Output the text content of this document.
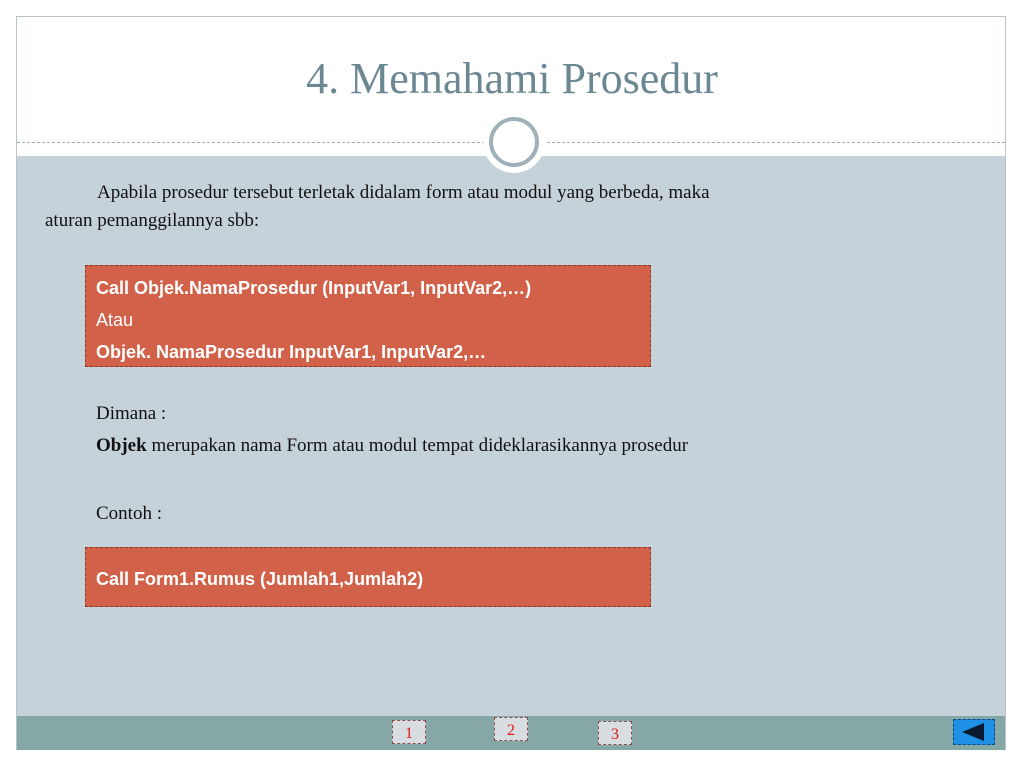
4. Memahami Prosedur

Apabila prosedur tersebut terletak didalam form atau modul yang berbeda, maka
aturan pemanggilannya sbb:

Call Objek.NamaProsedur (InputVar1, InputVar2,…)
Atau
Objek. NamaProsedur InputVar1, InputVar2,…

Dimana :

Objek merupakan nama Form atau modul tempat dideklarasikannya prosedur

Contoh :

Call Form1.Rumus (Jumlah1,Jumlah2)
1	2	3
